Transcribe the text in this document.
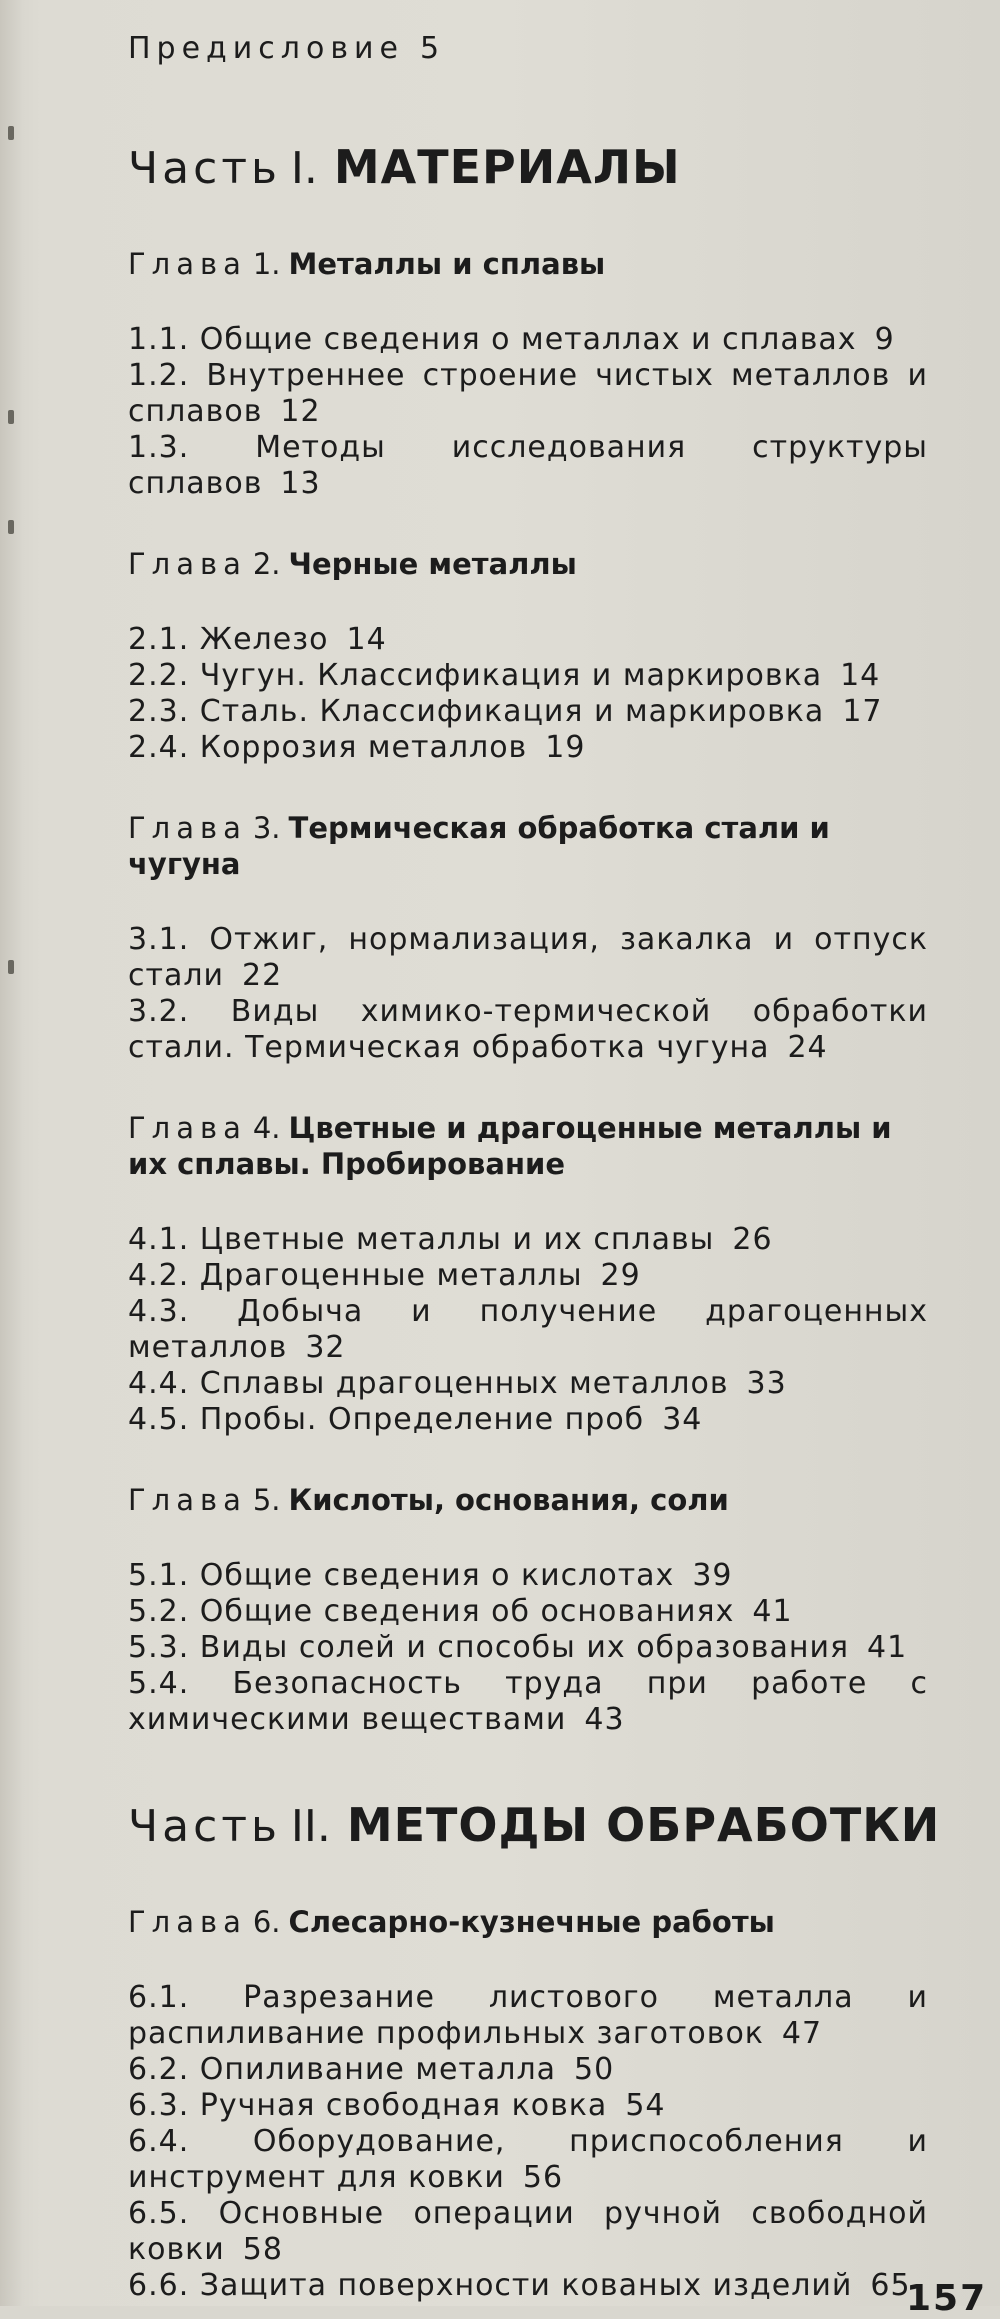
Предисловие 5
Часть I. МАТЕРИАЛЫ
Глава 1. Металлы и сплавы

1.1. Общие сведения о металлах и сплавах 9

1.2. Внутреннее строение чистых металлов и сплавов 12

1.3. Методы исследования структуры сплавов 13

Глава 2. Черные металлы

2.1. Железо 14

2.2. Чугун. Классификация и маркировка 14

2.3. Сталь. Классификация и маркировка 17

2.4. Коррозия металлов 19

Глава 3. Термическая обработка стали и чугуна

3.1. Отжиг, нормализация, закалка и отпуск стали 22

3.2. Виды химико-термической обработки стали. Термическая обработка чугуна 24

Глава 4. Цветные и драгоценные металлы и их сплавы. Пробирование

4.1. Цветные металлы и их сплавы 26

4.2. Драгоценные металлы 29

4.3. Добыча и получение драгоценных металлов 32

4.4. Сплавы драгоценных металлов 33

4.5. Пробы. Определение проб 34

Глава 5. Кислоты, основания, соли

5.1. Общие сведения о кислотах 39

5.2. Общие сведения об основаниях 41

5.3. Виды солей и способы их образования 41

5.4. Безопасность труда при работе с химическими веществами 43

Часть II. МЕТОДЫ ОБРАБОТКИ
Глава 6. Слесарно-кузнечные работы

6.1. Разрезание листового металла и распиливание профильных заготовок 47

6.2. Опиливание металла 50

6.3. Ручная свободная ковка 54

6.4. Оборудование, приспособления и инструмент для ковки 56

6.5. Основные операции ручной свободной ковки 58

6.6. Защита поверхности кованых изделий 65

157
